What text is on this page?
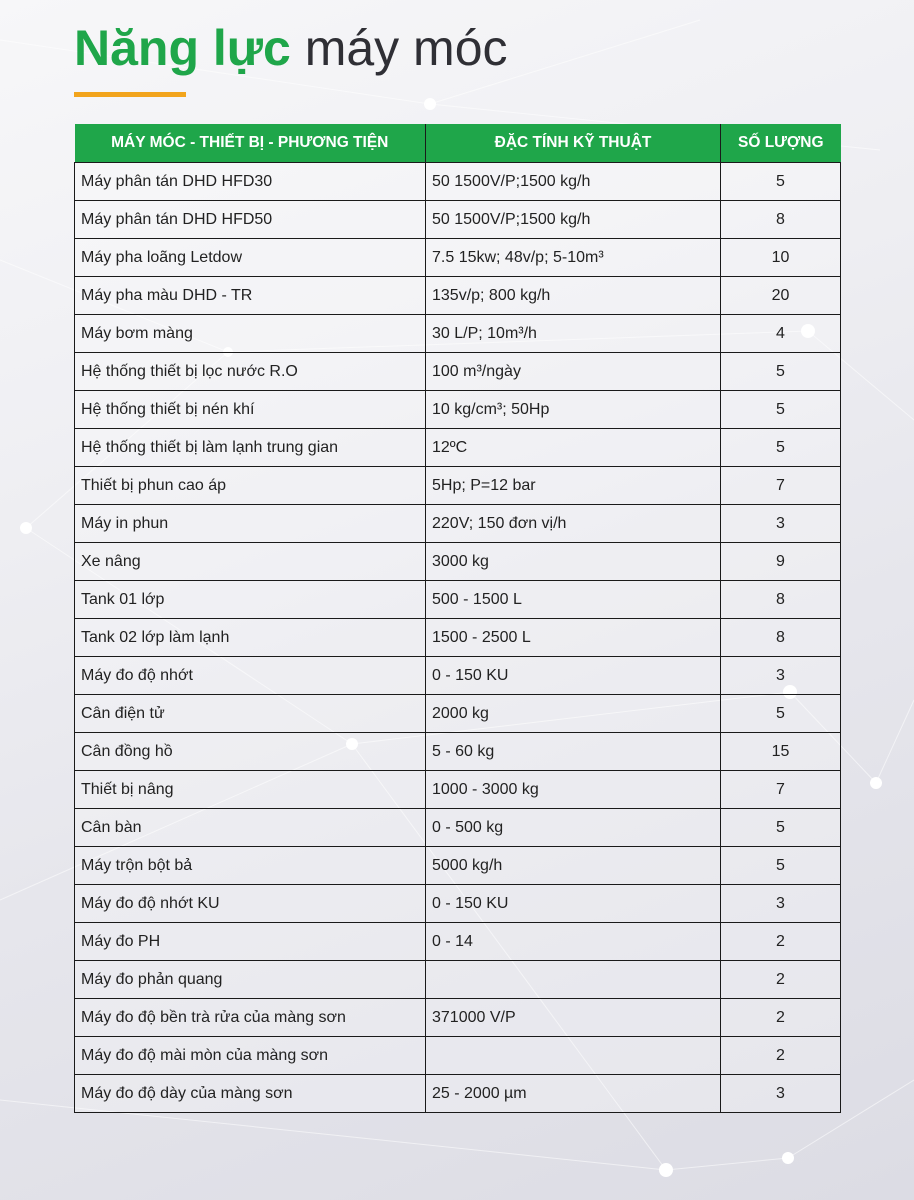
Năng lực máy móc
MÁY MÓC - THIẾT BỊ - PHƯƠNG TIỆN	ĐẶC TÍNH KỸ THUẬT	SỐ LƯỢNG
Máy phân tán DHD HFD30	50 1500V/P;1500 kg/h	5
Máy phân tán DHD HFD50	50 1500V/P;1500 kg/h	8
Máy pha loãng Letdow	7.5 15kw; 48v/p; 5-10m³	10
Máy pha màu DHD - TR	135v/p; 800 kg/h	20
Máy bơm màng	30 L/P; 10m³/h	4
Hệ thống thiết bị lọc nước R.O	100 m³/ngày	5
Hệ thống thiết bị nén khí	10 kg/cm³; 50Hp	5
Hệ thống thiết bị làm lạnh trung gian	12ºC	5
Thiết bị phun cao áp	5Hp; P=12 bar	7
Máy in phun	220V; 150 đơn vị/h	3
Xe nâng	3000 kg	9
Tank 01 lớp	500 - 1500 L	8
Tank 02 lớp làm lạnh	1500 - 2500 L	8
Máy đo độ nhớt	0 - 150 KU	3
Cân điện tử	2000 kg	5
Cân đồng hồ	5 - 60 kg	15
Thiết bị nâng	1000 - 3000 kg	7
Cân bàn	0 - 500 kg	5
Máy trộn bột bả	5000 kg/h	5
Máy đo độ nhớt KU	0 - 150 KU	3
Máy đo PH	0 - 14	2
Máy đo phản quang		2
Máy đo độ bền trà rửa của màng sơn	371000 V/P	2
Máy đo độ mài mòn của màng sơn		2
Máy đo độ dày của màng sơn	25 - 2000 µm	3
